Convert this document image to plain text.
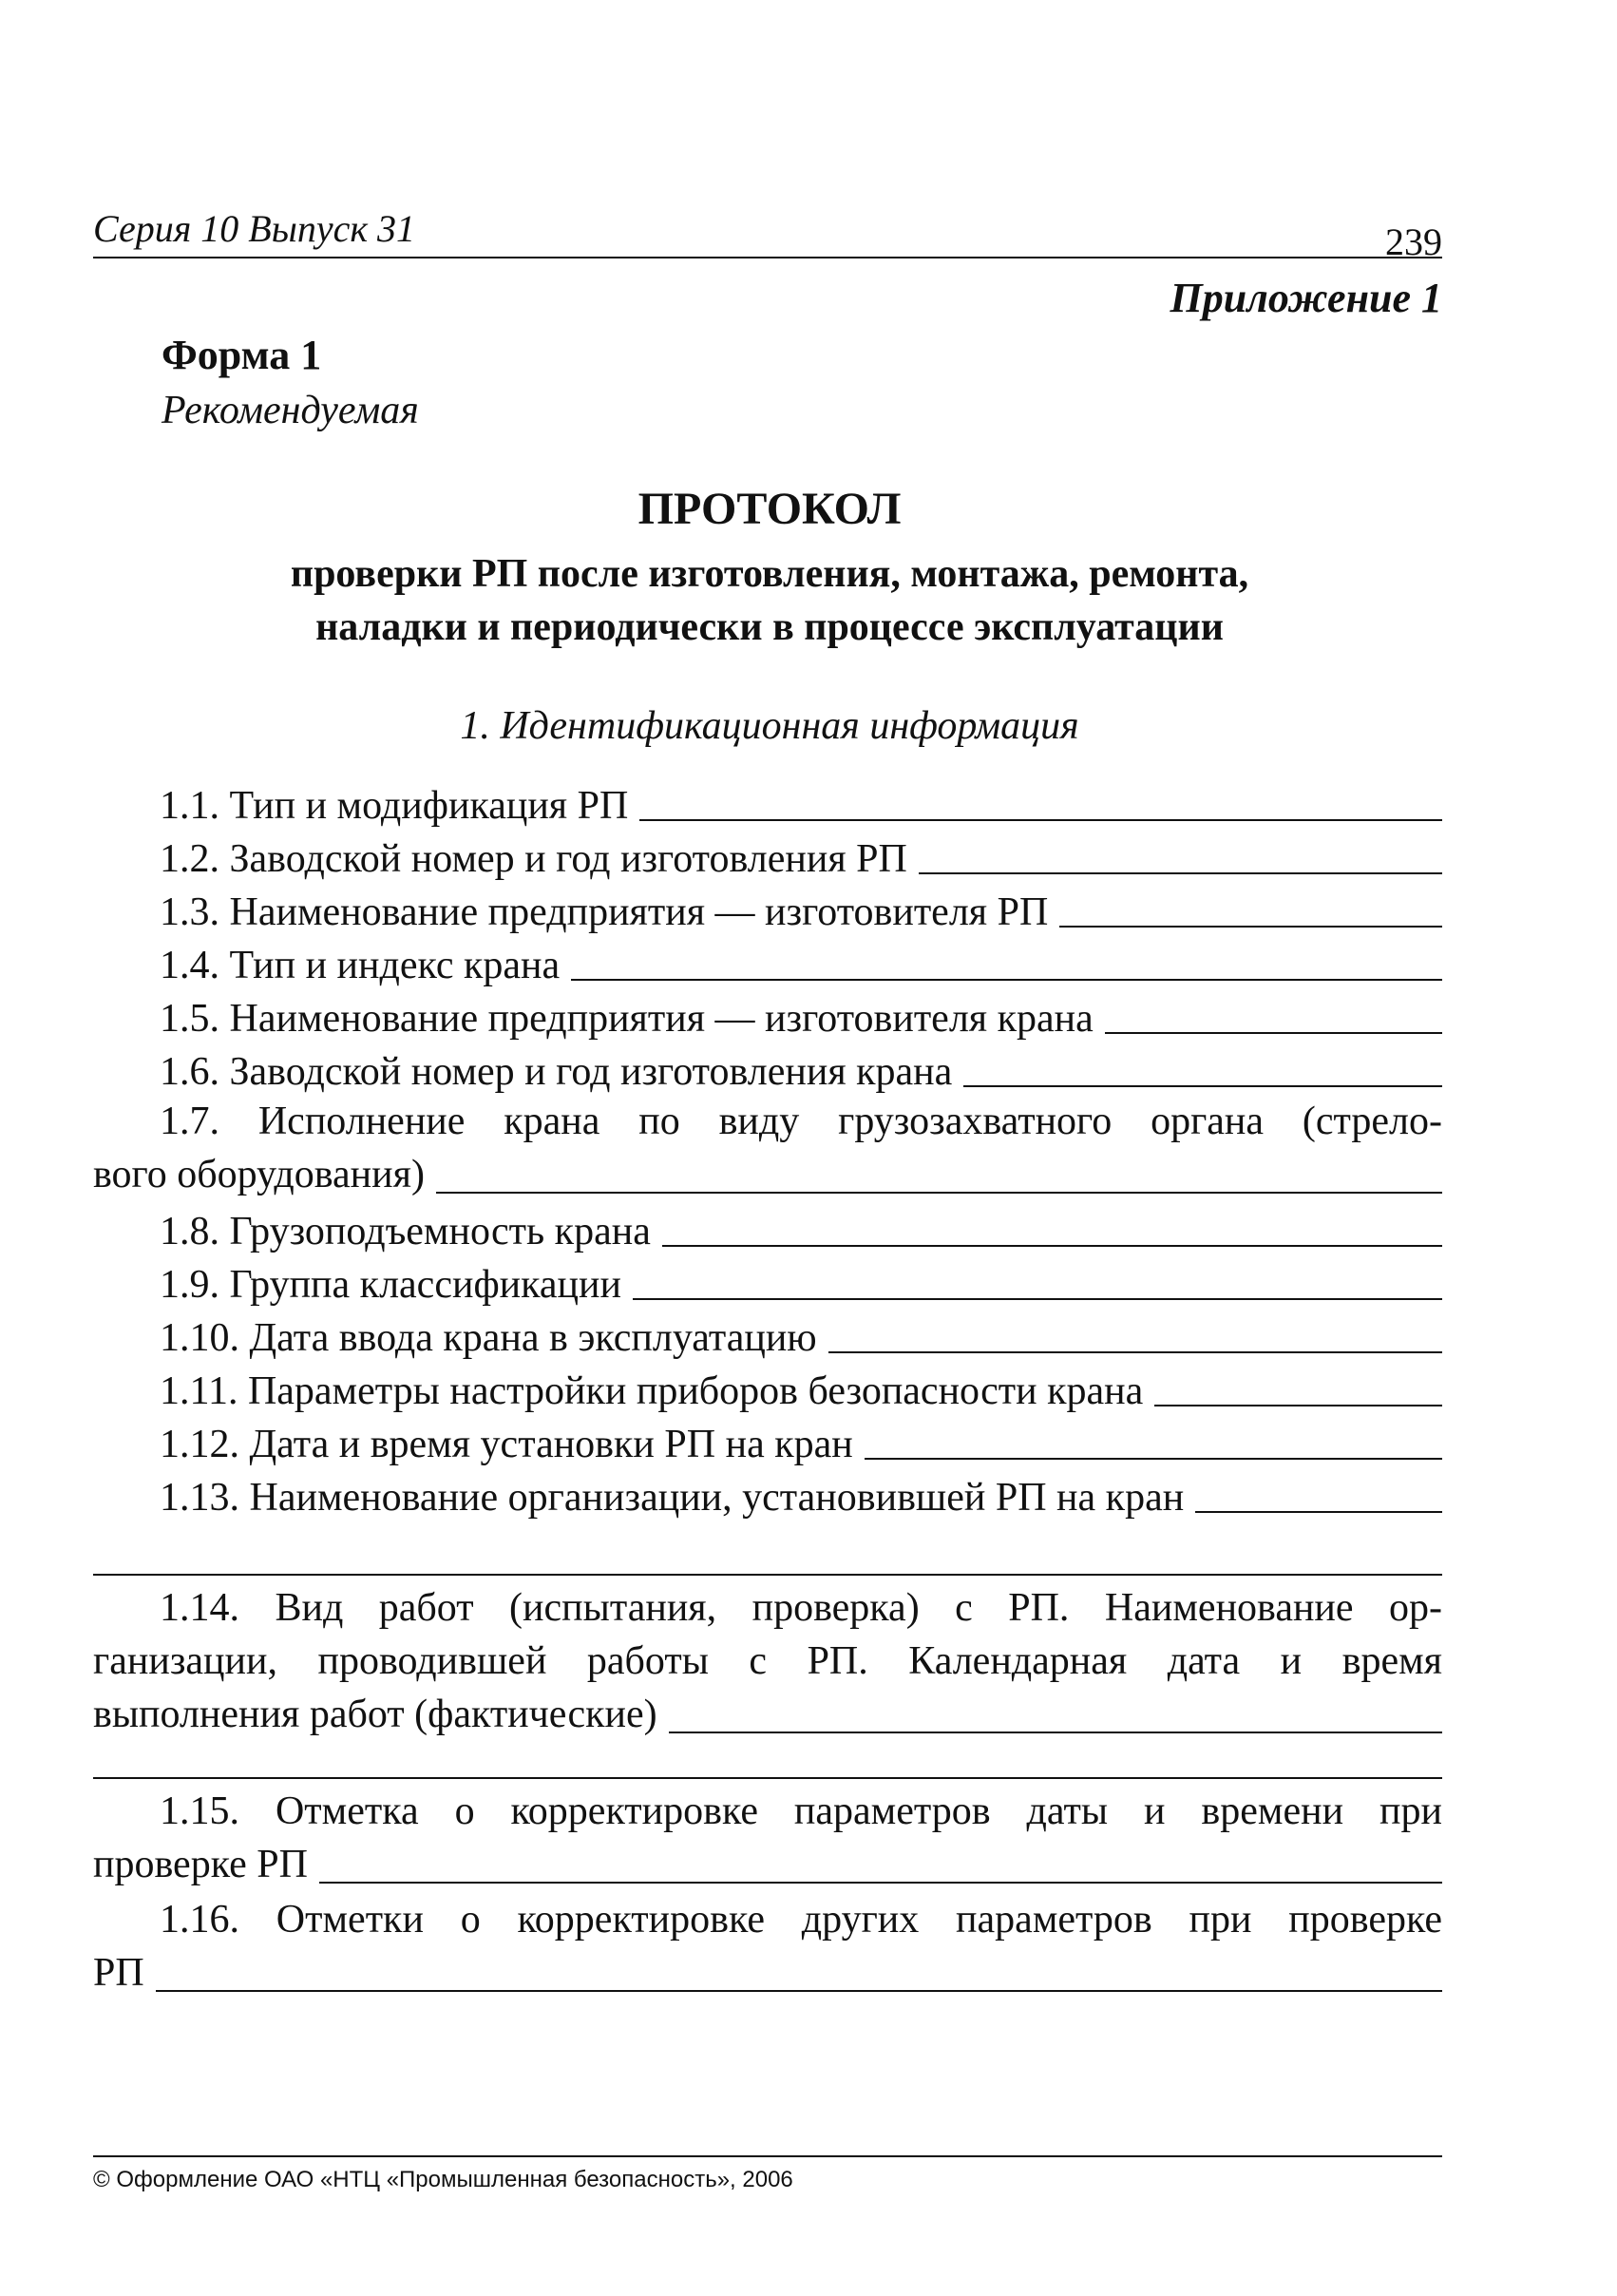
Серия 10 Выпуск 31	239
Приложение 1
Форма 1
Рекомендуемая
ПРОТОКОЛ
проверки РП после изготовления, монтажа, ремонта,
наладки и периодически в процессе эксплуатации
1. Идентификационная информация
1.1. Тип и модификация РП
1.2. Заводской номер и год изготовления РП
1.3. Наименование предприятия — изготовителя РП
1.4. Тип и индекс крана
1.5. Наименование предприятия — изготовителя крана
1.6. Заводской номер и год изготовления крана
1.7. Исполнение крана по виду грузозахватного органа (стрело-
вого оборудования)
1.8. Грузоподъемность крана
1.9. Группа классификации
1.10. Дата ввода крана в эксплуатацию
1.11. Параметры настройки приборов безопасности крана
1.12. Дата и время установки РП на кран
1.13. Наименование организации, установившей РП на кран
1.14. Вид работ (испытания, проверка) с РП. Наименование ор-
ганизации, проводившей работы с РП. Календарная дата и время
выполнения работ (фактические)
1.15. Отметка о корректировке параметров даты и времени при
проверке РП
1.16. Отметки о корректировке других параметров при проверке
РП
© Оформление ОАО «НТЦ «Промышленная безопасность», 2006
